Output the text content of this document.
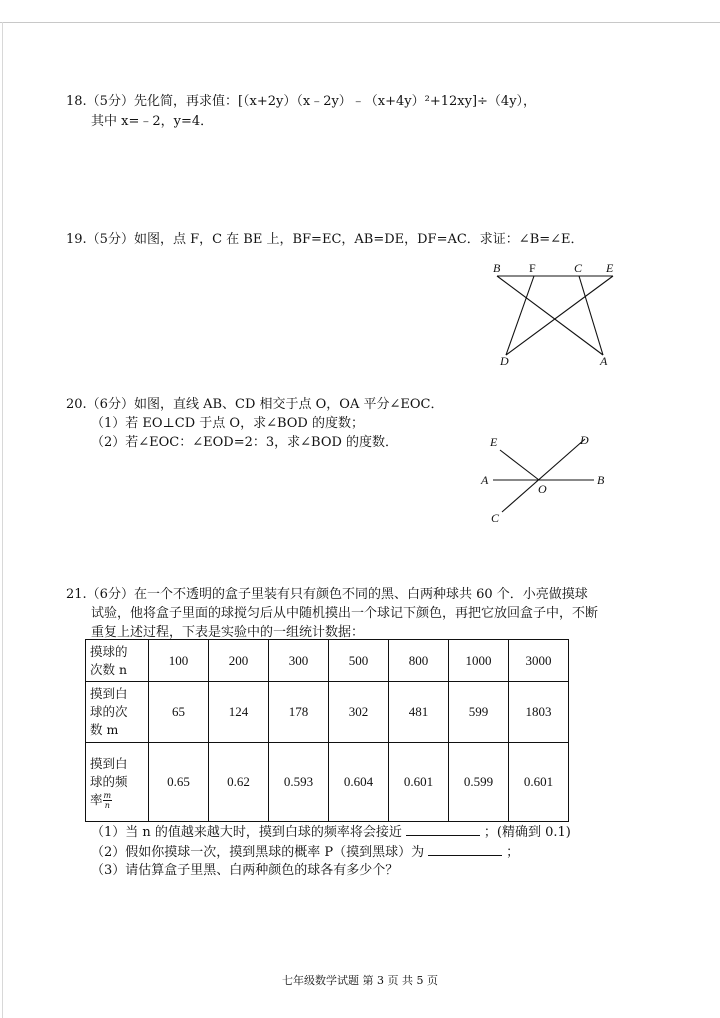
18.（5分）先化简，再求值：[（x+2y）（x﹣2y）﹣（x+4y）²+12xy]÷（4y），
其中 x=﹣2，y=4．
19.（5分）如图，点 F，C 在 BE 上，BF=EC，AB=DE，DF=AC．求证：∠B=∠E．
B F	C E
D	A
20.（6分）如图，直线 AB、CD 相交于点 O，OA 平分∠EOC．
（1）若 EO⊥CD 于点 O，求∠BOD 的度数；
（2）若∠EOC：∠EOD=2：3，求∠BOD 的度数．	E	D
A
O
B
C
21.（6分）在一个不透明的盒子里装有只有颜色不同的黑、白两种球共 60 个．小亮做摸球
试验，他将盒子里面的球搅匀后从中随机摸出一个球记下颜色，再把它放回盒子中，不断
重复上述过程，下表是实验中的一组统计数据：
摸球的
次数 n	100	200	300	500	800	1000	3000

摸到白
球的次
数 m	65	124	178	302	481	599	1803

摸到白
球的频
率 $\frac{m}{n}$	0.65	0.62	0.593	0.604	0.601	0.599	0.601
（1）当 n 的值越来越大时，摸到白球的频率将会接近	；(精确到 0.1)
（2）假如你摸球一次，摸到黑球的概率 P（摸到黑球）为	；
（3）请估算盒子里黑、白两种颜色的球各有多少个？
七年级数学试题 第 3 页 共 5 页
